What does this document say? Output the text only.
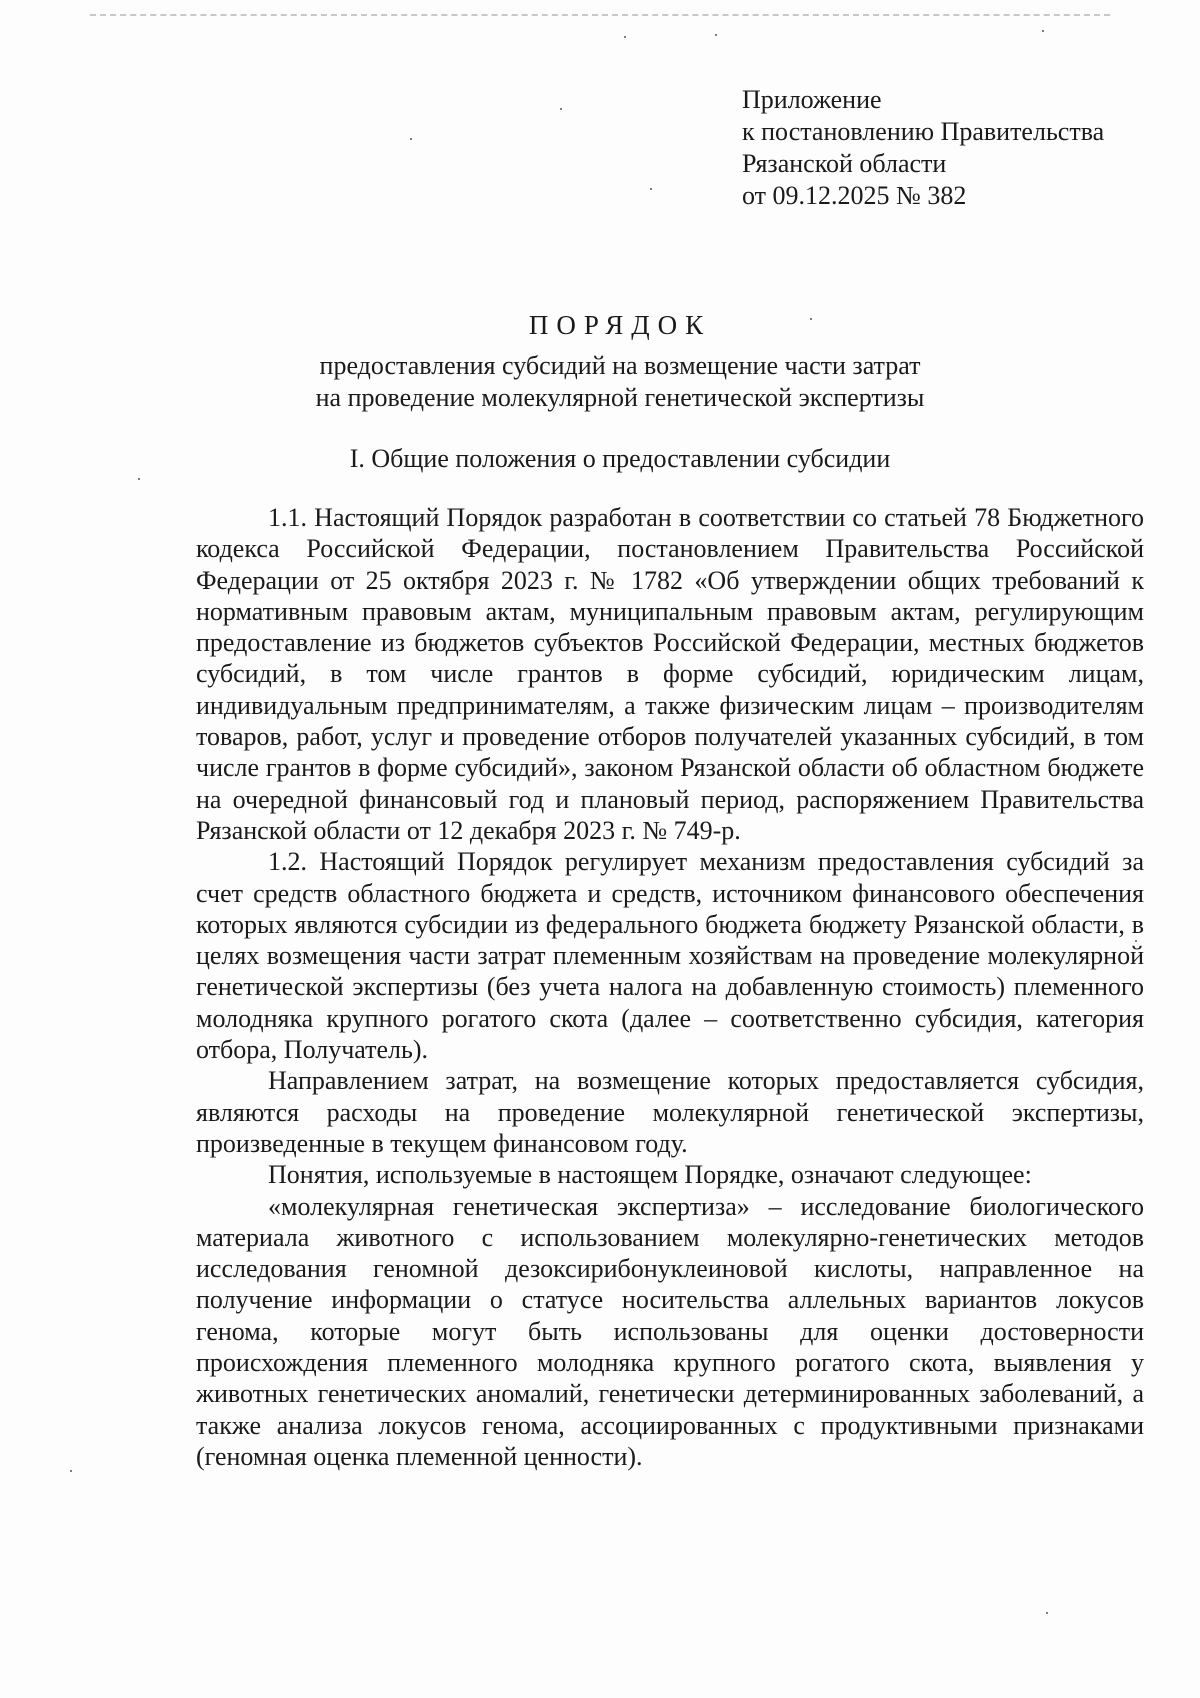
Приложение
к постановлению Правительства
Рязанской области
от 09.12.2025 № 382
ПОРЯДОК
предоставления субсидий на возмещение части затрат
на проведение молекулярной генетической экспертизы
I. Общие положения о предоставлении субсидии

1.1. Настоящий Порядок разработан в соответствии со статьей 78 Бюджетного кодекса Российской Федерации, постановлением Правительства Российской Федерации от 25 октября 2023 г. № 1782 «Об утверждении общих требований к нормативным правовым актам, муниципальным правовым актам, регулирующим предоставление из бюджетов субъектов Российской Федерации, местных бюджетов субсидий, в том числе грантов в форме субсидий, юридическим лицам, индивидуальным предпринимателям, а также физическим лицам – производителям товаров, работ, услуг и проведение отборов получателей указанных субсидий, в том числе грантов в форме субсидий», законом Рязанской области об областном бюджете на очередной финансовый год и плановый период, распоряжением Правительства Рязанской области от 12 декабря 2023 г. № 749-р.

1.2. Настоящий Порядок регулирует механизм предоставления субсидий за счет средств областного бюджета и средств, источником финансового обеспечения которых являются субсидии из федерального бюджета бюджету Рязанской области, в целях возмещения части затрат племенным хозяйствам на проведение молекулярной генетической экспертизы (без учета налога на добавленную стоимость) племенного молодняка крупного рогатого скота (далее – соответственно субсидия, категория отбора, Получатель).

Направлением затрат, на возмещение которых предоставляется субсидия, являются расходы на проведение молекулярной генетической экспертизы, произведенные в текущем финансовом году.

Понятия, используемые в настоящем Порядке, означают следующее:

«молекулярная генетическая экспертиза» – исследование биологического материала животного с использованием молекулярно-генетических методов исследования геномной дезоксирибонуклеиновой кислоты, направленное на получение информации о статусе носительства аллельных вариантов локусов генома, которые могут быть использованы для оценки достоверности происхождения племенного молодняка крупного рогатого скота, выявления у животных генетических аномалий, генетически детерминированных заболеваний, а также анализа локусов генома, ассоциированных с продуктивными признаками (геномная оценка племенной ценности).
